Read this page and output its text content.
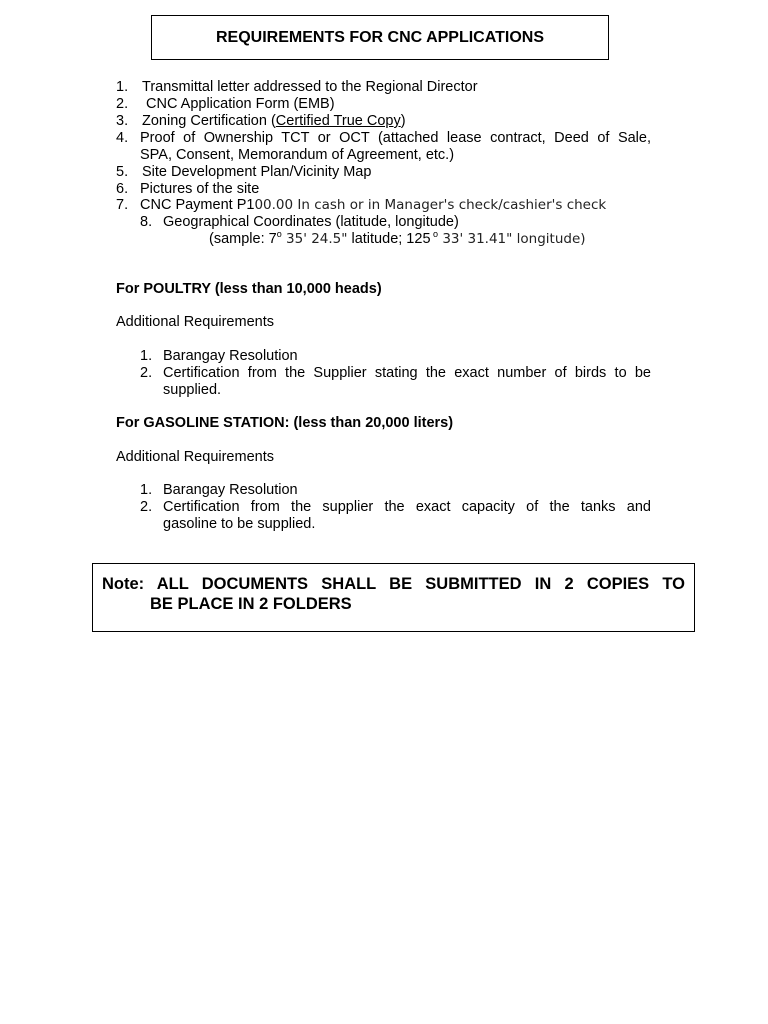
REQUIREMENTS FOR CNC APPLICATIONS
1. Transmittal letter addressed to the Regional Director
2. CNC Application Form (EMB)
3. Zoning Certification (Certified True Copy)
4. Proof of Ownership TCT or OCT (attached lease contract, Deed of Sale,
SPA, Consent, Memorandum of Agreement, etc.)
5. Site Development Plan/Vicinity Map
6. Pictures of the site
7. CNC Payment P100.00 In cash or in Manager's check/cashier's check
8. Geographical Coordinates (latitude, longitude)
(sample: 7$^o$ 35' 24.5" latitude; 125 $^o$ 33' 31.41" longitude)
For POULTRY (less than 10,000 heads)
Additional Requirements
1. Barangay Resolution
2. Certification from the Supplier stating the exact number of birds to be
supplied.
For GASOLINE STATION: (less than 20,000 liters)
Additional Requirements
1. Barangay Resolution
2. Certification from the supplier the exact capacity of the tanks and
gasoline to be supplied.
Note: ALL DOCUMENTS SHALL BE SUBMITTED IN 2 COPIES TO
BE PLACE IN 2 FOLDERS
